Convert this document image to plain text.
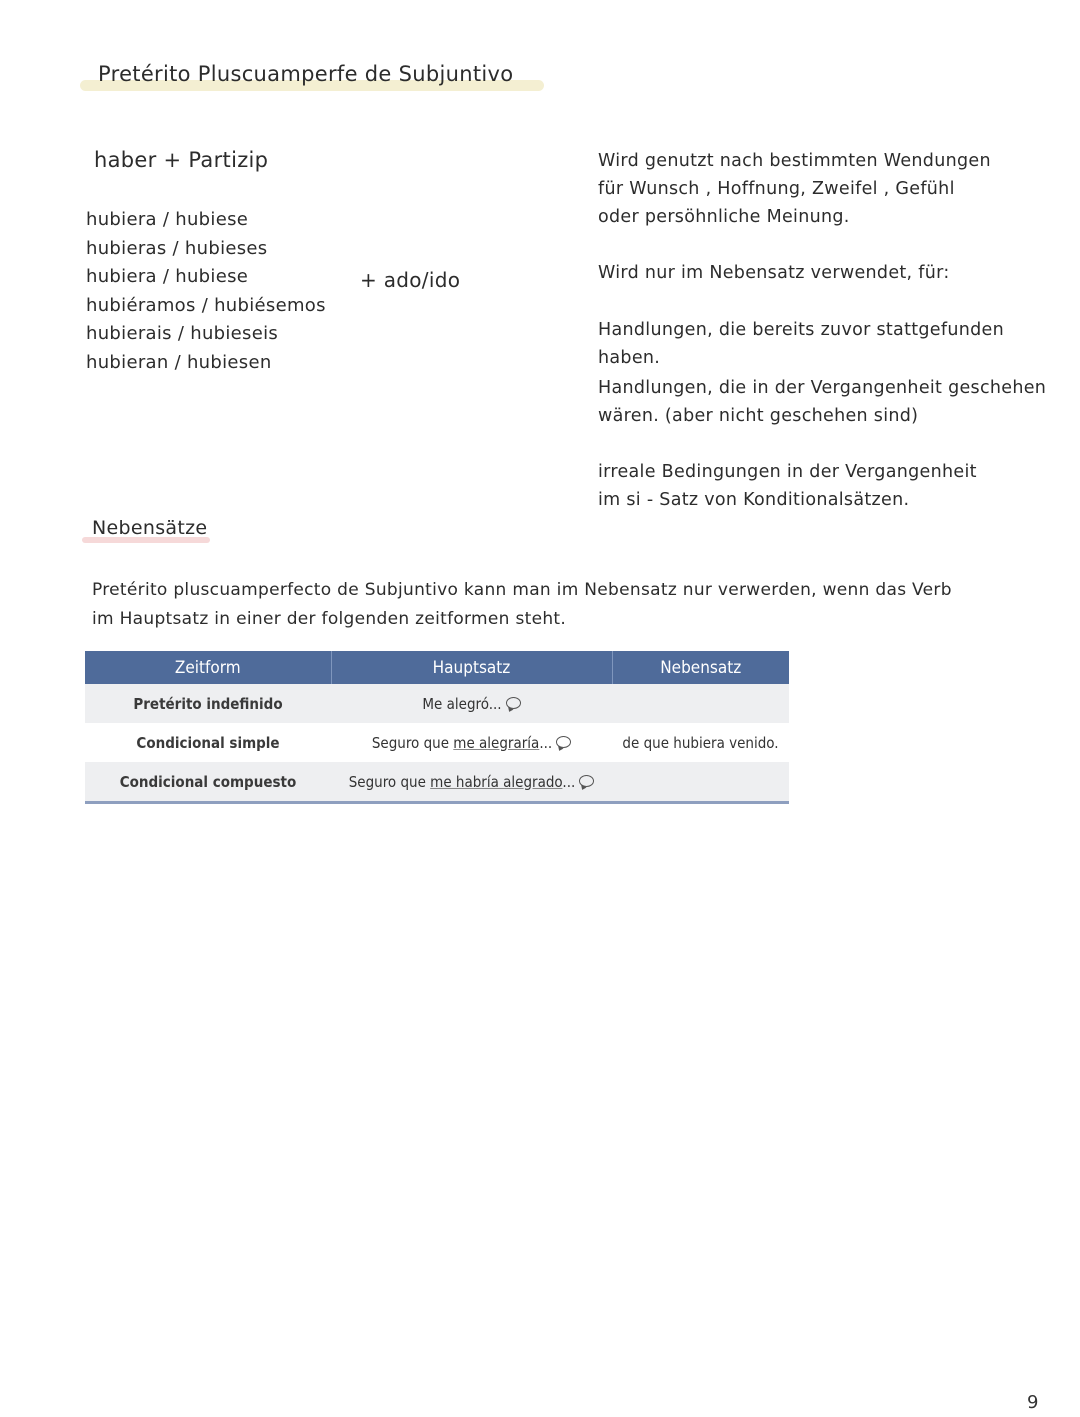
Pretérito Pluscuamperfe de Subjuntivo
haber + Partizip
hubiera / hubiese
hubieras / hubieses
hubiera / hubiese
hubiéramos / hubiésemos
hubierais / hubieseis
hubieran / hubiesen
+ ado/ido
Wird genutzt nach bestimmten Wendungen
für Wunsch , Hoffnung, Zweifel , Gefühl
oder persöhnliche Meinung.
Wird nur im Nebensatz verwendet, für:
Handlungen, die bereits zuvor stattgefunden
haben.
Handlungen, die in der Vergangenheit geschehen
wären. (aber nicht geschehen sind)
irreale Bedingungen in der Vergangenheit
im si - Satz von Konditionalsätzen.
Nebensätze
Pretérito pluscuamperfecto de Subjuntivo kann man im Nebensatz nur verwerden, wenn das Verb
im Hauptsatz in einer der folgenden zeitformen steht.
Zeitform	Hauptsatz	Nebensatz
Pretérito indefinido	Me alegró...	
Condicional simple	Seguro que me alegraría...	de que hubiera venido.
Condicional compuesto	Seguro que me habría alegrado...	
9
